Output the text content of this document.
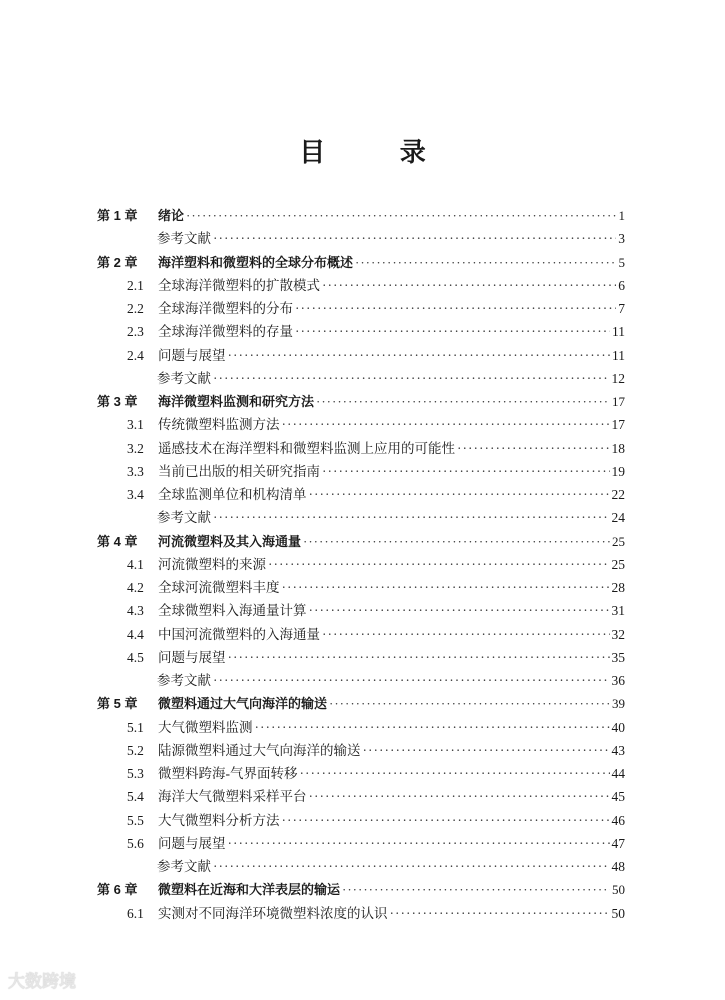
目 录
第 1 章	绪论 ·····	1
参考文献 ·····	3
第 2 章	海洋塑料和微塑料的全球分布概述 ·····	5
2.1	全球海洋微塑料的扩散模式 ·····	6
2.2	全球海洋微塑料的分布 ·····	7
2.3	全球海洋微塑料的存量 ·····	11
2.4	问题与展望 ·····	11
参考文献 ·····	12
第 3 章	海洋微塑料监测和研究方法 ·····	17
3.1	传统微塑料监测方法 ·····	17
3.2	遥感技术在海洋塑料和微塑料监测上应用的可能性 ·····	18
3.3	当前已出版的相关研究指南 ·····	19
3.4	全球监测单位和机构清单 ·····	22
参考文献 ·····	24
第 4 章	河流微塑料及其入海通量 ·····	25
4.1	河流微塑料的来源 ·····	25
4.2	全球河流微塑料丰度 ·····	28
4.3	全球微塑料入海通量计算 ·····	31
4.4	中国河流微塑料的入海通量 ·····	32
4.5	问题与展望 ·····	35
参考文献 ·····	36
第 5 章	微塑料通过大气向海洋的输送 ·····	39
5.1	大气微塑料监测 ·····	40
5.2	陆源微塑料通过大气向海洋的输送 ·····	43
5.3	微塑料跨海-气界面转移 ·····	44
5.4	海洋大气微塑料采样平台 ·····	45
5.5	大气微塑料分析方法 ·····	46
5.6	问题与展望 ·····	47
参考文献 ·····	48
第 6 章	微塑料在近海和大洋表层的输运 ·····	50
6.1	实测对不同海洋环境微塑料浓度的认识 ·····	50
大数跨境
